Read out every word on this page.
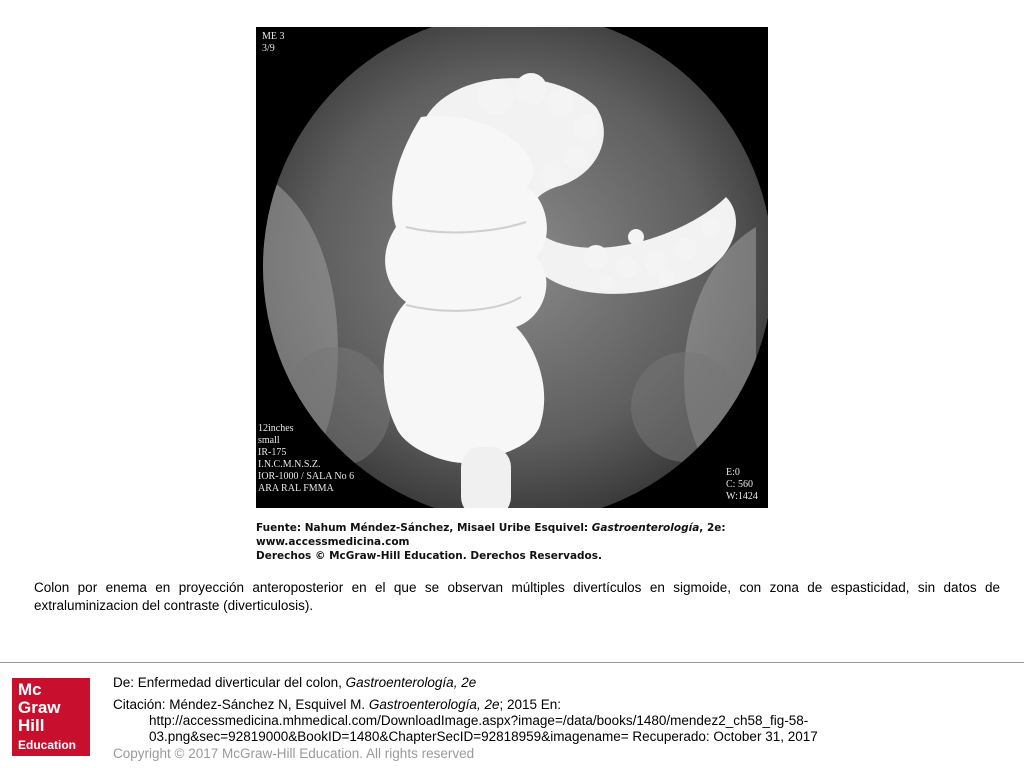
ME 3
3/9
12inches
small
IR-175
I.N.C.M.N.S.Z.
IOR-1000 / SALA No 6
ARA RAL FMMA
E:0
C: 560
W:1424
Fuente: Nahum Méndez-Sánchez, Misael Uribe Esquivel: Gastroenterología, 2e:
www.accessmedicina.com
Derechos © McGraw-Hill Education. Derechos Reservados.
Colon por enema en proyección anteroposterior en el que se observan múltiples divertículos en sigmoide, con zona de espasticidad, sin datos de extraluminizacion del contraste (diverticulosis).
Mc
Graw
Hill
Education
De: Enfermedad diverticular del colon, Gastroenterología, 2e
Citación: Méndez-Sánchez N, Esquivel M. Gastroenterología, 2e; 2015 En:
http://accessmedicina.mhmedical.com/DownloadImage.aspx?image=/data/books/1480/mendez2_ch58_fig-58-
03.png&sec=92819000&BookID=1480&ChapterSecID=92818959&imagename= Recuperado: October 31, 2017
Copyright © 2017 McGraw-Hill Education. All rights reserved
